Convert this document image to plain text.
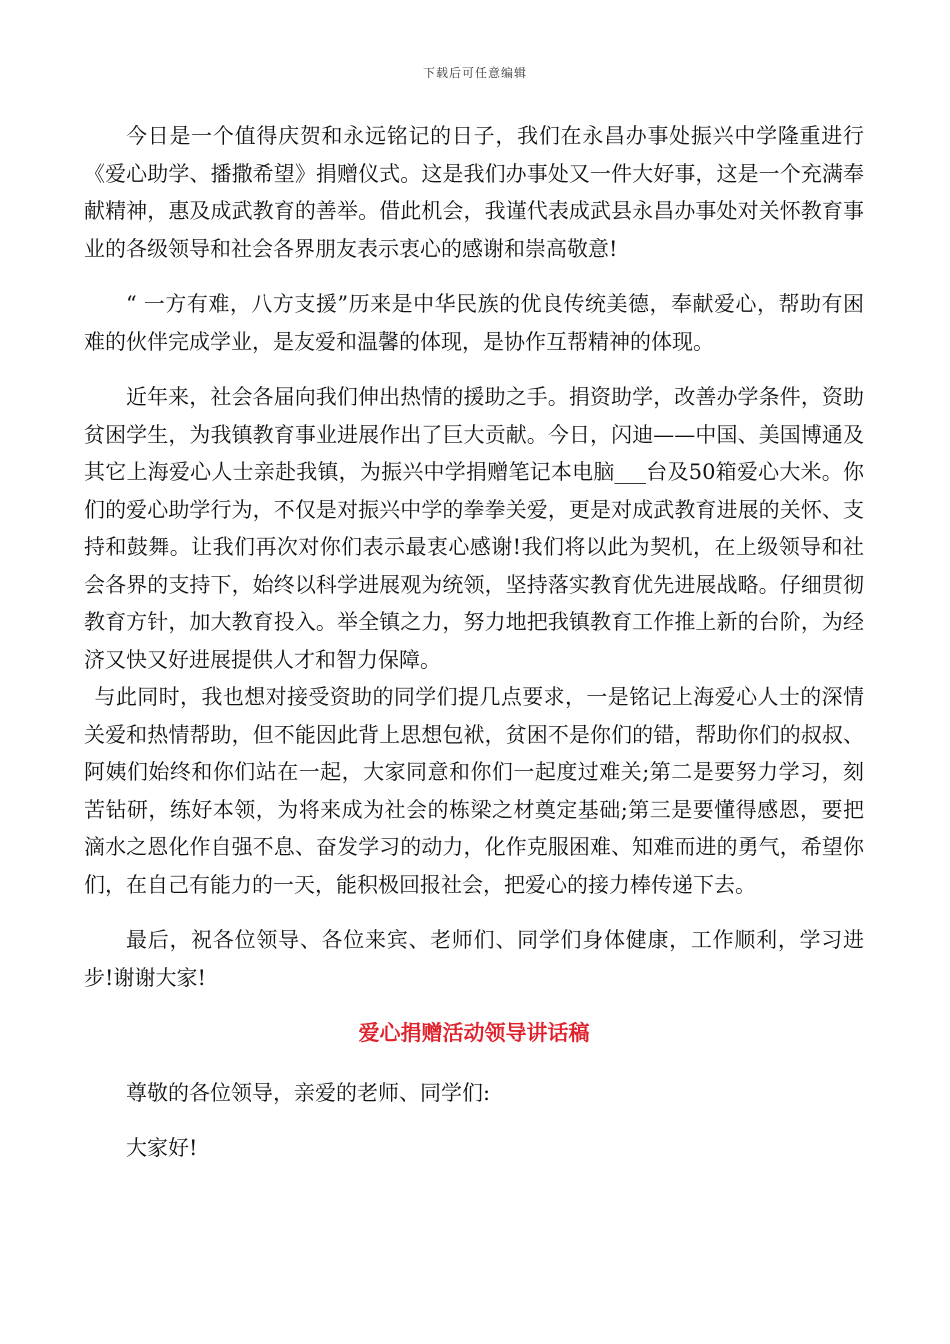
下载后可任意编辑

今日是一个值得庆贺和永远铭记的日子，我们在永昌办事处振兴中学隆重进行《爱心助学、播撒希望》捐赠仪式。这是我们办事处又一件大好事，这是一个充满奉献精神，惠及成武教育的善举。借此机会，我谨代表成武县永昌办事处对关怀教育事业的各级领导和社会各界朋友表示衷心的感谢和崇高敬意!

“ 一方有难，八方支援”历来是中华民族的优良传统美德，奉献爱心，帮助有困难的伙伴完成学业，是友爱和温馨的体现，是协作互帮精神的体现。

近年来，社会各届向我们伸出热情的援助之手。捐资助学，改善办学条件，资助贫困学生，为我镇教育事业进展作出了巨大贡献。今日，闪迪——中国、美国博通及其它上海爱心人士亲赴我镇，为振兴中学捐赠笔记本电脑___台及50箱爱心大米。你们的爱心助学行为，不仅是对振兴中学的拳拳关爱，更是对成武教育进展的关怀、支持和鼓舞。让我们再次对你们表示最衷心感谢!我们将以此为契机，在上级领导和社会各界的支持下，始终以科学进展观为统领，坚持落实教育优先进展战略。仔细贯彻教育方针，加大教育投入。举全镇之力，努力地把我镇教育工作推上新的台阶，为经济又快又好进展提供人才和智力保障。

与此同时，我也想对接受资助的同学们提几点要求，一是铭记上海爱心人士的深情关爱和热情帮助，但不能因此背上思想包袱，贫困不是你们的错，帮助你们的叔叔、阿姨们始终和你们站在一起，大家同意和你们一起度过难关;第二是要努力学习，刻苦钻研，练好本领，为将来成为社会的栋梁之材奠定基础;第三是要懂得感恩，要把滴水之恩化作自强不息、奋发学习的动力，化作克服困难、知难而进的勇气，希望你们，在自己有能力的一天，能积极回报社会，把爱心的接力棒传递下去。

最后，祝各位领导、各位来宾、老师们、同学们身体健康，工作顺利，学习进步!谢谢大家!

爱心捐赠活动领导讲话稿

尊敬的各位领导，亲爱的老师、同学们:

大家好!
